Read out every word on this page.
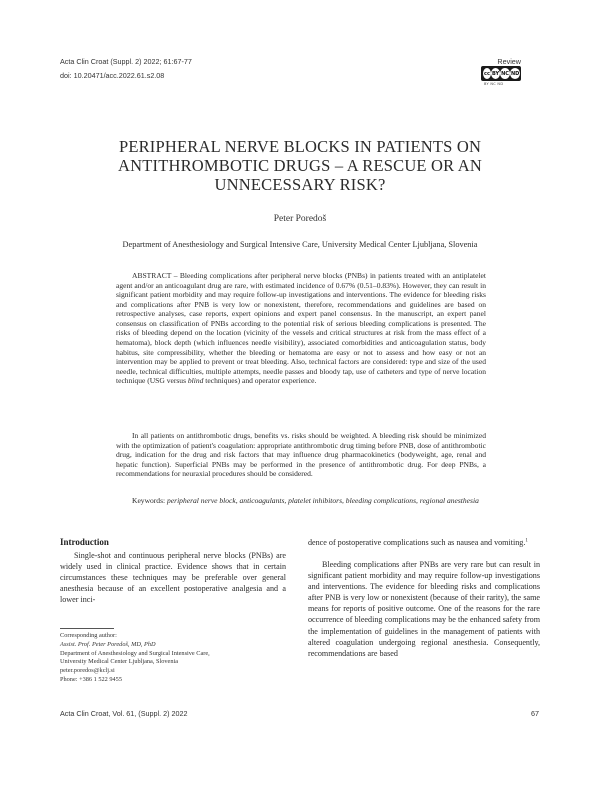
Acta Clin Croat (Suppl. 2) 2022; 61:67-77
doi: 10.20471/acc.2022.61.s2.08
Review
cc BY NC ND
BY NC ND
PERIPHERAL NERVE BLOCKS IN PATIENTS ON
ANTITHROMBOTIC DRUGS – A RESCUE OR AN
UNNECESSARY RISK?
Peter Poredoš
Department of Anesthesiology and Surgical Intensive Care, University Medical Center Ljubljana, Slovenia
ABSTRACT – Bleeding complications after peripheral nerve blocks (PNBs) in patients treated with an antiplatelet agent and/or an anticoagulant drug are rare, with estimated incidence of 0.67% (0.51–0.83%). However, they can result in significant patient morbidity and may require follow-up investigations and interventions. The evidence for bleeding risks and complications after PNB is very low or nonexistent, therefore, recommendations and guidelines are based on retrospective analyses, case reports, expert opinions and expert panel consensus. In the manuscript, an expert panel consensus on classification of PNBs according to the potential risk of serious bleeding complications is presented. The risks of bleeding depend on the location (vicinity of the vessels and critical structures at risk from the mass effect of a hematoma), block depth (which influences needle visibility), associated comorbidities and anticoagulation status, body habitus, site compressibility, whether the bleeding or hematoma are easy or not to assess and how easy or not an intervention may be applied to prevent or treat bleeding. Also, technical factors are considered: type and size of the used needle, technical difficulties, multiple attempts, needle passes and bloody tap, use of catheters and type of nerve location technique (USG versus blind techniques) and operator experience.
In all patients on antithrombotic drugs, benefits vs. risks should be weighted. A bleeding risk should be minimized with the optimization of patient's coagulation: appropriate antithrombotic drug timing before PNB, dose of antithrombotic drug, indication for the drug and risk factors that may influence drug pharmacokinetics (bodyweight, age, renal and hepatic function). Superficial PNBs may be performed in the presence of antithrombotic drug. For deep PNBs, a recommendations for neuraxial procedures should be considered.
Keywords: peripheral nerve block, anticoagulants, platelet inhibitors, bleeding complications, regional anesthesia
Introduction
Single-shot and continuous peripheral nerve blocks (PNBs) are widely used in clinical practice. Evidence shows that in certain circumstances these techniques may be preferable over general anesthesia because of an excellent postoperative analgesia and a lower inci-
dence of postoperative complications such as nausea and vomiting.$^1$
Bleeding complications after PNBs are very rare but can result in significant patient morbidity and may require follow-up investigations and interventions. The evidence for bleeding risks and complications after PNB is very low or nonexistent (because of their rarity), the same means for reports of positive outcome. One of the reasons for the rare occurrence of bleeding complications may be the enhanced safety from the implementation of guidelines in the management of patients with altered coagulation undergoing regional anesthesia. Consequently, recommendations are based
Corresponding author:
Assist. Prof. Peter Poredoš, MD, PhD
Department of Anesthesiology and Surgical Intensive Care,
University Medical Center Ljubljana, Slovenia
peter.poredos@kclj.si
Phone: +386 1 522 9455
Acta Clin Croat, Vol. 61, (Suppl. 2) 2022	67
